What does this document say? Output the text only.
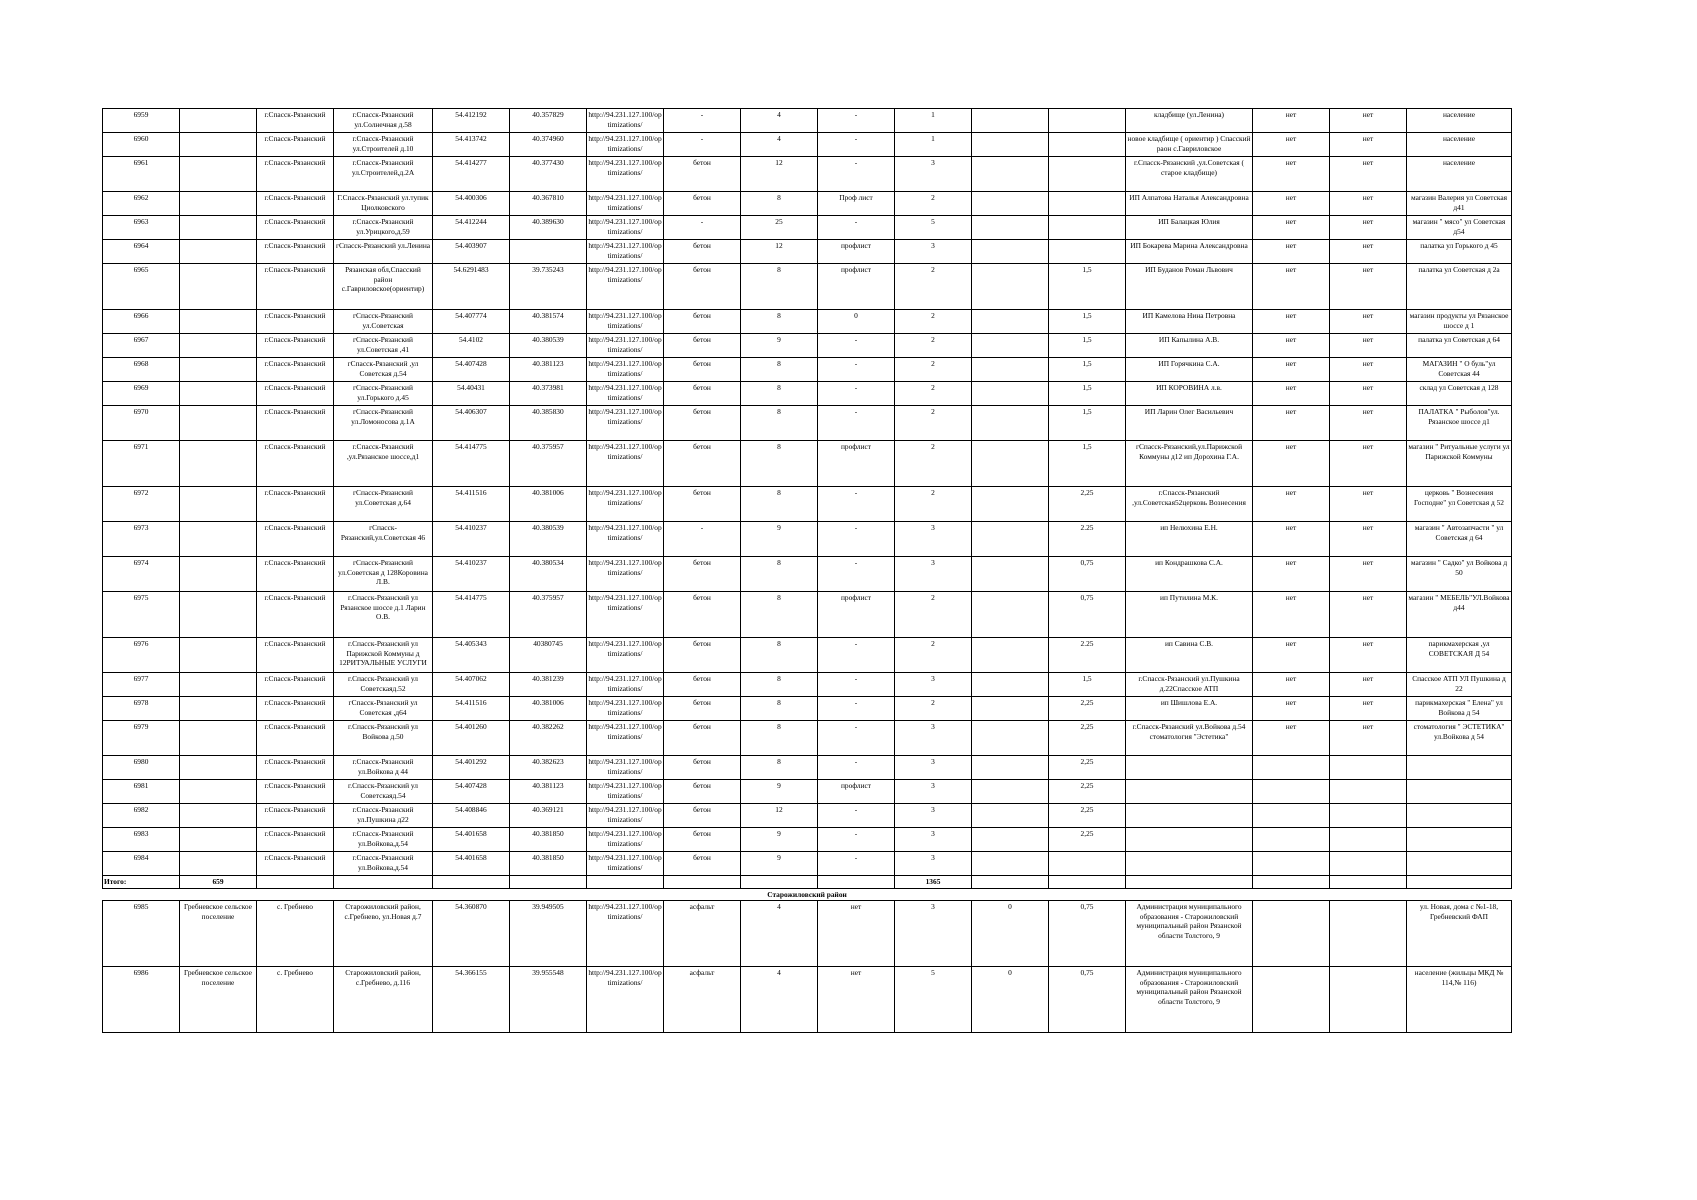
6959		г.Спасск-Рязанский	г.Спасск-Рязанский ул.Солнечная д.58	54.412192	40.357829	http://94.231.127.100/optimizations/	-	4	-	1			кладбище (ул.Ленина)	нет	нет	население
6960		г.Спасск-Рязанский	г.Спасск-Рязанский ул.Строителей д.10	54.413742	40.374960	http://94.231.127.100/optimizations/	-	4	-	1			новое кладбище ( ориентир ) Спасский раон с.Гавриловское	нет	нет	население
6961		г.Спасск-Рязанский	г.Спасск-Рязанский ул.Строителей,д.2А	54.414277	40.377430	http://94.231.127.100/optimizations/	бетон	12	-	3			г.Спасск-Рязанский ,ул.Советская ( старое кладбище)	нет	нет	население
6962		г.Спасск-Рязанский	Г.Спасск-Рязанский ул.тупик Циолковского	54.400306	40.367810	http://94.231.127.100/optimizations/	бетон	8	Проф лист	2			ИП Алпатова Наталья Александровна	нет	нет	магазин Валерия ул Советская д41
6963		г.Спасск-Рязанский	г.Спасск-Рязанский ул.Урицкого,д.59	54.412244	40.389630	http://94.231.127.100/optimizations/	-	25	-	5			ИП Балацкая Юлия	нет	нет	магазин " мясо" ул Советская д54
6964		г.Спасск-Рязанский	гСпасск-Рязанский ул.Ленина	54.403907		http://94.231.127.100/optimizations/	бетон	12	профлист	3			ИП Бокарева Марина Александровна	нет	нет	палатка ул Горького д 45
6965		г.Спасск-Рязанский	Рязанская обл,Спасский район с.Гавриловское(ориентир)	54.6291483	39.735243	http://94.231.127.100/optimizations/	бетон	8	профлист	2		1,5	ИП Буданов Роман Львович	нет	нет	палатка ул Советская д 2а
6966		г.Спасск-Рязанский	гСпасск-Рязанский ул.Советская	54.407774	40.381574	http://94.231.127.100/optimizations/	бетон	8	0	2		1,5	ИП Камелова Нина Петровна	нет	нет	магазин продукты ул Рязанское шоссе д 1
6967		г.Спасск-Рязанский	гСпасск-Рязанский ул.Советская ,41	54.4102	40.380539	http://94.231.127.100/optimizations/	бетон	9	-	2		1,5	ИП Капылина А.В.	нет	нет	палатка ул Советская д 64
6968		г.Спасск-Рязанский	гСпасск-Рязанский ,ул Советская д.54	54.407428	40.381123	http://94.231.127.100/optimizations/	бетон	8	-	2		1,5	ИП Горячкина С.А.	нет	нет	МАГАЗИН " О буль"ул Советская 44
6969		г.Спасск-Рязанский	гСпасск-Рязанский ул.Горького д.45	54.40431	40.373981	http://94.231.127.100/optimizations/	бетон	8	-	2		1,5	ИП КОРОВИНА л.в.	нет	нет	склад ул Советская д 128
6970		г.Спасск-Рязанский	гСпасск-Рязанский ул.Ломоносова д.1А	54.406307	40.385830	http://94.231.127.100/optimizations/	бетон	8	-	2		1,5	ИП Ларин Олег Васильевич	нет	нет	ПАЛАТКА " Рыболов"ул. Рязанское шоссе д1
6971		г.Спасск-Рязанский	г.Спасск-Рязанский ,ул.Рязанское шоссе,д1	54.414775	40.375957	http://94.231.127.100/optimizations/	бетон	8	профлист	2		1,5	гСпасск-Рязанский,ул.Парижской Коммуны д12 ип Дорохина Г.А.	нет	нет	магазин " Ритуальные услуги ул Парижской Коммуны
6972		г.Спасск-Рязанский	гСпасск-Рязанский ул.Советская д.64	54.411516	40.381006	http://94.231.127.100/optimizations/	бетон	8	-	2		2,25	г.Спасск-Рязанский ,ул.Советская52церковь Вознесения	нет	нет	церковь " Вознесения Господне" ул Советская д 52
6973		г.Спасск-Рязанский	гСпасск-Рязанский,ул.Советская 46	54.410237	40.380539	http://94.231.127.100/optimizations/	-	9	-	3		2.25	ип Нелюхина Е.Н.	нет	нет	магазин " Автозапчасти " ул Советская д 64
6974		г.Спасск-Рязанский	гСпасск-Рязанский ул.Советская д 128Коровина Л.В.	54.410237	40.380534	http://94.231.127.100/optimizations/	бетон	8	-	3		0,75	ип Кондрашкова С.А.	нет	нет	магазин " Садко" ул Войкова д 50
6975		г.Спасск-Рязанский	г.Спасск-Рязанский ул Рязанское шоссе д.1 Ларин О.В.	54.414775	40.375957	http://94.231.127.100/optimizations/	бетон	8	профлист	2		0,75	ип Путилина М.К.	нет	нет	магазин " МЕБЕЛЬ"УЛ.Войкова д44
6976		г.Спасск-Рязанский	г.Спасск-Рязанский ул Парижской Коммуны д 12РИТУАЛЬНЫЕ УСЛУГИ	54.405343	40380745	http://94.231.127.100/optimizations/	бетон	8	-	2		2.25	ип Савина С.В.	нет	нет	парикмахерская ,ул СОВЕТСКАЯ Д 54
6977		г.Спасск-Рязанский	г.Спасск-Рязанский ул Советскаяд.52	54.407062	40.381239	http://94.231.127.100/optimizations/	бетон	8	-	3		1,5	г.Спасск-Рязанский ул.Пушкина д.22Спасское АТП	нет	нет	Спасское АТП УЛ Пушкина д 22
6978		г.Спасск-Рязанский	гСпасск-Рязанский ул Советская ,д64	54.411516	40.381006	http://94.231.127.100/optimizations/	бетон	8	-	2		2,25	ип Шишлова Е.А.	нет	нет	парикмахерская " Елена" ул Войкова д 54
6979		г.Спасск-Рязанский	г.Спасск-Рязанский ул Войкова д.50	54.401260	40.382262	http://94.231.127.100/optimizations/	бетон	8	-	3		2,25	г.Спасск-Рязанский ул.Войкова д.54 стоматология "Эстетика"	нет	нет	стоматология " ЭСТЕТИКА" ул.Войкова д 54
6980		г.Спасск-Рязанский	г.Спасск-Рязанский ул.Войкова д 44	54.401292	40.382623	http://94.231.127.100/optimizations/	бетон	8	-	3		2,25				
6981		г.Спасск-Рязанский	г.Спасск-Рязанский ул Советскаяд.54	54.407428	40.381123	http://94.231.127.100/optimizations/	бетон	9	профлист	3		2,25				
6982		г.Спасск-Рязанский	г.Спасск-Рязанский ул.Пушкина д22	54.408846	40.369121	http://94.231.127.100/optimizations/	бетон	12	-	3		2,25				
6983		г.Спасск-Рязанский	г.Спасск-Рязанский ул.Войкова,д.54	54.401658	40.381850	http://94.231.127.100/optimizations/	бетон	9	-	3		2,25				
6984		г.Спасск-Рязанский	г.Спасск-Рязанский ул.Войкова,д.54	54.401658	40.381850	http://94.231.127.100/optimizations/	бетон	9	-	3						
Итого:	659									1365						
Старожиловский район																
6985	Гребневское сельское поселение	с. Гребнево	Старожиловский район, с.Гребнево, ул.Новая д.7	54.360870	39.949505	http://94.231.127.100/optimizations/	асфальт	4	нет	3	0	0,75	Администрация муниципального образования - Старожиловский муниципальный район Рязанской области Толстого, 9			ул. Новая, дома с №1-18, Гребневский ФАП
6986	Гребневское сельское поселение	с. Гребнево	Старожиловский район, с.Гребнево, д.116	54.366155	39.955548	http://94.231.127.100/optimizations/	асфальт	4	нет	5	0	0,75	Администрация муниципального образования - Старожиловский муниципальный район Рязанской области Толстого, 9			население (жильцы МКД № 114,№ 116)
